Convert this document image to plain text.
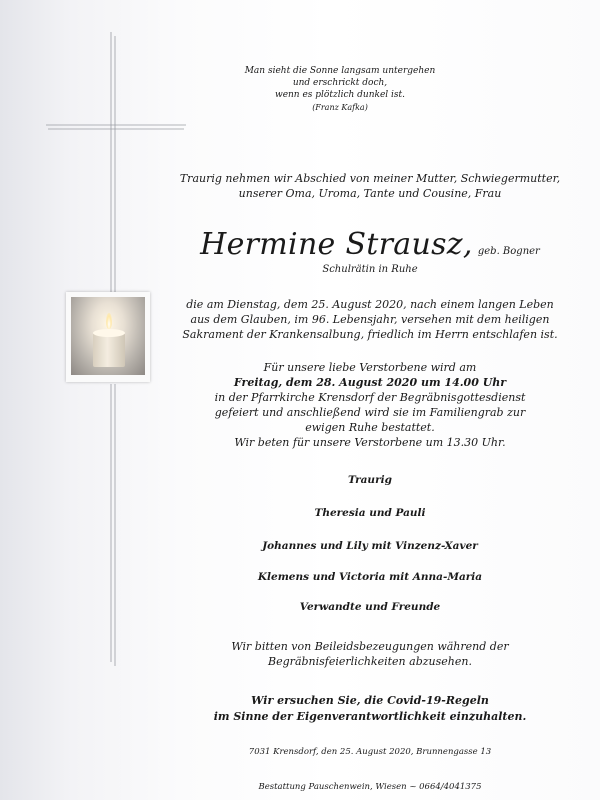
Man sieht die Sonne langsam untergehen
und erschrickt doch,
wenn es plötzlich dunkel ist.
(Franz Kafka)
Traurig nehmen wir Abschied von meiner Mutter, Schwiegermutter,
unserer Oma, Uroma, Tante und Cousine, Frau
Hermine Strausz, geb. Bogner
Schulrätin in Ruhe
die am Dienstag, dem 25. August 2020, nach einem langen Leben
aus dem Glauben, im 96. Lebensjahr, versehen mit dem heiligen
Sakrament der Krankensalbung, friedlich im Herrn entschlafen ist.
Für unsere liebe Verstorbene wird am
Freitag, dem 28. August 2020 um 14.00 Uhr
in der Pfarrkirche Krensdorf der Begräbnisgottesdienst
gefeiert und anschließend wird sie im Familiengrab zur
ewigen Ruhe bestattet.
Wir beten für unsere Verstorbene um 13.30 Uhr.
Traurig
Theresia und Pauli
Johannes und Lily mit Vinzenz-Xaver
Klemens und Victoria mit Anna-Maria
Verwandte und Freunde
Wir bitten von Beileidsbezeugungen während der
Begräbnisfeierlichkeiten abzusehen.
Wir ersuchen Sie, die Covid-19-Regeln
im Sinne der Eigenverantwortlichkeit einzuhalten.
7031 Krensdorf, den 25. August 2020, Brunnengasse 13
Bestattung Pauschenwein, Wiesen ~ 0664/4041375
